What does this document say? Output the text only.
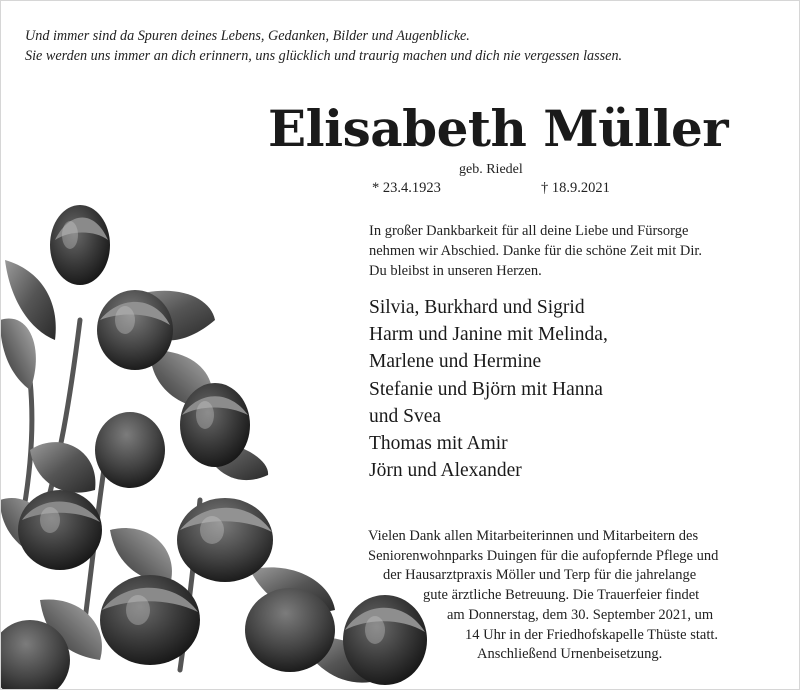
Und immer sind da Spuren deines Lebens, Gedanken, Bilder und Augenblicke.
Sie werden uns immer an dich erinnern, uns glücklich und traurig machen und dich nie vergessen lassen.
Elisabeth Müller
geb. Riedel
* 23.4.1923	† 18.9.2021
In großer Dankbarkeit für all deine Liebe und Fürsorge
nehmen wir Abschied. Danke für die schöne Zeit mit Dir.
Du bleibst in unseren Herzen.
Silvia, Burkhard und Sigrid
Harm und Janine mit Melinda,
Marlene und Hermine
Stefanie und Björn mit Hanna
und Svea
Thomas mit Amir
Jörn und Alexander
Vielen Dank allen Mitarbeiterinnen und Mitarbeitern des
Seniorenwohnparks Duingen für die aufopfernde Pflege und
der Hausarztpraxis Möller und Terp für die jahrelange
gute ärztliche Betreuung. Die Trauerfeier findet
am Donnerstag, dem 30. September 2021, um
14 Uhr in der Friedhofskapelle Thüste statt.
Anschließend Urnenbeisetzung.
